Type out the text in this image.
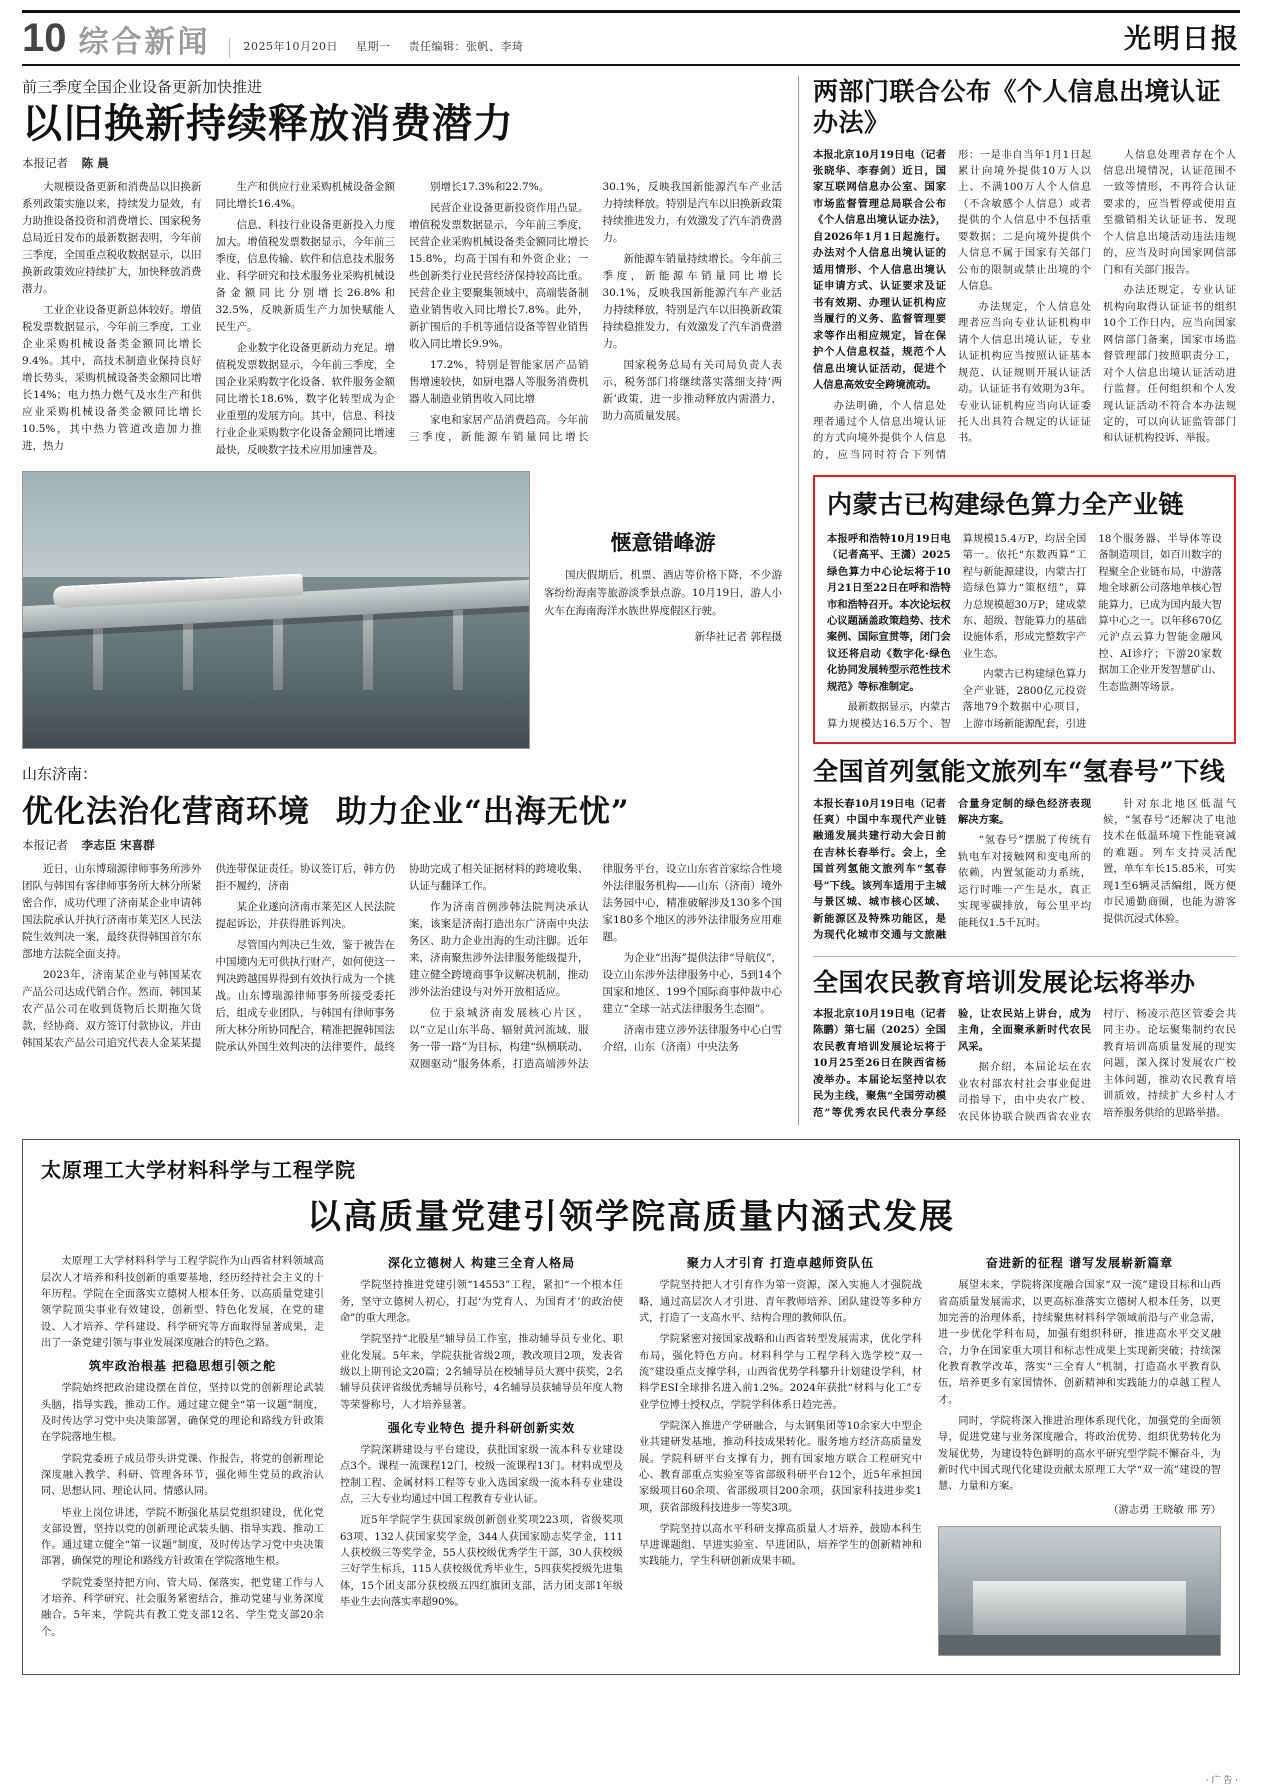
10 综合新闻	2025年10月20日 星期一 责任编辑：张帆、李琦	光明日报
前三季度全国企业设备更新加快推进
以旧换新持续释放消费潜力
本报记者 陈 晨

大规模设备更新和消费品以旧换新系列政策实施以来，持续发力显效，有力助推设备投资和消费增长、国家税务总局近日发布的最新数据表明，今年前三季度，全国重点税收数据显示，以旧换新政策效应持续扩大，加快释放消费潜力。

工业企业设备更新总体较好。增值税发票数据显示，今年前三季度，工业企业采购机械设备类金额同比增长9.4%。其中，高技术制造业保持良好增长势头，采购机械设备类金额同比增长14%；电力热力燃气及水生产和供应业采购机械设备类金额同比增长10.5%，其中热力管道改造加力推进，热力

生产和供应行业采购机械设备金额同比增长16.4%。

信息、科技行业设备更新投入力度加大。增值税发票数据显示，今年前三季度，信息传输、软件和信息技术服务业、科学研究和技术服务业采购机械设备金额同比分别增长26.8%和32.5%，反映新质生产力加快赋能人民生产。

企业数字化设备更新动力充足。增值税发票数据显示，今年前三季度，全国企业采购数字化设备、软件服务金额同比增长18.6%，数字化转型成为企业重塑的发展方向。其中，信息、科技行业企业采购数字化设备金额同比增速最快，反映数字技术应用加速普及。

别增长17.3%和22.7%。

民营企业设备更新投资作用凸显。增值税发票数据显示，今年前三季度，民营企业采购机械设备类金额同比增长15.8%，均高于国有和外资企业；一些创新类行业民营经济保持较高比重。民营企业主要聚集领域中，高端装备制造业销售收入同比增长7.8%。此外，新扩围后的手机等通信设备等智业销售收入同比增长9.9%。

17.2%，特别是智能家居产品销售增速较快，如厨电器人等服务消费机器人制造业销售收入同比增

家电和家居产品消费趋高。今年前三季度，新能源车销量同比增长30.1%，反映我国新能源汽车产业活力持续释放。特别是汽车以旧换新政策持续推进发力，有效激发了汽车消费潜力。

新能源车销量持续增长。今年前三季度，新能源车销量同比增长30.1%，反映我国新能源汽车产业活力持续释放，特别是汽车以旧换新政策持续稳推发力，有效激发了汽车消费潜力。

国家税务总局有关司局负责人表示，税务部门将继续落实落细支持‘两新’政策，进一步推动释放内需潜力，助力高质量发展。

惬意错峰游
国庆假期后，机票、酒店等价格下降，不少游客纷纷海南等旅游淡季景点游。10月19日，游人小火车在海南海洋水族世界度假区行驶。
新华社记者 郭程摄
山东济南：
优化法治化营商环境 助力企业“出海无忧”
本报记者 李志臣 宋喜群

近日，山东博瑞源律师事务所涉外团队与韩国有客律师事务所大林分所紧密合作，成功代理了济南某企业申请韩国法院承认并执行济南市莱芜区人民法院生效判决一案，最终获得韩国首尔东部地方法院全面支持。

2023年，济南某企业与韩国某农产品公司达成代销合作。然而，韩国某农产品公司在收到货物后长期拖欠货款，经协商、双方签订付款协议，并由韩国某农产品公司追究代表人金某某提供连带保证责任。协议签订后，韩方仍拒不履约，济南

某企业遂向济南市莱芜区人民法院提起诉讼，并获得胜诉判决。

尽管国内判决已生效，鉴于被告在中国境内无可供执行财产，如何使这一判决跨越国界得到有效执行成为一个挑战。山东博瑞源律师事务所接受委托后，组成专业团队，与韩国有律师事务所大林分所协同配合，精准把握韩国法院承认外国生效判决的法律要件，最终协助完成了相关证据材料的跨境收集、认证与翻译工作。

作为济南首例涉韩法院判决承认案，该案是济南打造出东广济南中央法务区、助力企业出海的生动注脚。近年来，济南聚焦涉外法律服务能级提升，建立健全跨境商事争议解决机制，推动涉外法治建设与对外开放相适应。

位于泉城济南发展核心片区，以“立足山东半岛、辐射黄河流域、服务一带一路”为目标，构建“纵横联动、双圈驱动”服务体系，打造高端涉外法律服务平台，设立山东省首家综合性境外法律服务机构——山东（济南）境外法务园中心，精准破解涉及130多个国家180多个地区的涉外法律服务应用难题。

为企业“出海”提供法律“导航仪”，设立山东涉外法律服务中心，5到14个国家和地区、199个国际商事仲裁中心建立“全球一站式法律服务生态圈”。

济南市建立涉外法律服务中心白雪介绍，山东（济南）中央法务

两部门联合公布《个人信息出境认证办法》

本报北京10月19日电（记者张晓华、李春剑）近日，国家互联网信息办公室、国家市场监督管理总局联合公布《个人信息出境认证办法》，自2026年1月1日起施行。办法对个人信息出境认证的适用情形、个人信息出境认证申请方式、认证要求及证书有效期、办理认证机构应当履行的义务、监督管理要求等作出相应规定，旨在保护个人信息权益，规范个人信息出境认证活动，促进个人信息高效安全跨境流动。

办法明确，个人信息处理者通过个人信息出境认证的方式向境外提供个人信息的，应当同时符合下列情形：一是非自当年1月1日起累计向境外提供10万人以上、不满100万人个人信息（不含敏感个人信息）或者提供的个人信息中不包括重要数据；二是向境外提供个人信息不属于国家有关部门公布的限制或禁止出境的个人信息。

办法规定，个人信息处理者应当向专业认证机构申请个人信息出境认证，专业认证机构应当按照认证基本规范、认证规则开展认证活动。认证证书有效期为3年。专业认证机构应当向认证委托人出具符合规定的认证证书。

人信息处理者存在个人信息出境情况，认证范围不一致等情形，不再符合认证要求的，应当暂停或使用直至撤销相关认证证书、发现个人信息出境活动违法违规的，应当及时向国家网信部门和有关部门报告。

办法还规定，专业认证机构向取得认证证书的组织10个工作日内，应当向国家网信部门备案，国家市场监督管理部门按照职责分工，对个人信息出境认证活动进行监督。任何组织和个人发现认证活动不符合本办法规定的，可以向认证监管部门和认证机构投诉、举报。

内蒙古已构建绿色算力全产业链

本报呼和浩特10月19日电（记者高平、王潇）2025绿色算力中心论坛将于10月21日至22日在呼和浩特市和浩特召开。本次论坛权心议题涵盖政策趋势、技术案例、国际宣贯等，闭门会议还将启动《数字化·绿色化协同发展转型示范性技术规范》等标准制定。

最新数据显示，内蒙古算力规模达16.5万个、智算规模15.4万P，均居全国第一。依托“东数西算”工程与新能源建设，内蒙古打造绿色算力“策枢纽”，算力总规模超30万P，建成蒙东、超级、智能算力的基础设施体系，形成完整数字产业生态。

内蒙古已构建绿色算力全产业链，2800亿元投资落地79个数据中心项目，上游市场新能源配套，引进18个服务器、半导体等设备制造项目，如百川数字的程聚全企业链布局，中游落地全球新公司落地单核心智能算力，已成为国内最大智算中心之一。以年移670亿元沪点云算力智能金融风控、AI诊疗；下游20家数据加工企业开发智慧矿山、生态监测等场景。

全国首列氢能文旅列车“氢春号”下线

本报长春10月19日电（记者任爽）中国中车现代产业链融通发展共建行动大会日前在吉林长春举行。会上，全国首列氢能文旅列车“氢春号”下线。该列车适用于主城与景区城、城市核心区域、新能源区及特殊功能区，是为现代化城市交通与文旅融合量身定制的绿色经济表现解决方案。

“氢春号”摆脱了传统有轨电车对接触网和变电所的依赖，内置氢能动力系统，运行时唯一产生是水，真正实现零碳排放，每公里平均能耗仅1.5千瓦时。

针对东北地区低温气候，“氢春号”还解决了电池技术在低温环境下性能衰减的难题。列车支持灵活配置，单车车长15.85米，可实现1至6辆灵活编组，既方便市民通勤商圈，也能为游客提供沉浸式体验。

全国农民教育培训发展论坛将举办

本报北京10月19日电（记者陈鹏）第七届（2025）全国农民教育培训发展论坛将于10月25至26日在陕西省杨凌举办。本届论坛坚持以农民为主线，聚焦“全国劳动模范”等优秀农民代表分享经验，让农民站上讲台，成为主角，全面聚承新时代农民风采。

据介绍，本届论坛在农业农村部农村社会事业促进司指导下，由中央农广校、农民体协联合陕西省农业农村厅、杨凌示范区管委会共同主办。论坛聚集制约农民教育培训高质量发展的现实问题，深入探讨发展农广校主体问题，推动农民教育培训质效，持续扩大乡村人才培养服务供给的思路举措。

太原理工大学材料科学与工程学院
以高质量党建引领学院高质量内涵式发展

太原理工大学材料科学与工程学院作为山西省材料领域高层次人才培养和科技创新的重要基地，经历经持社会主义的十年历程。学院在全面落实立德树人根本任务、以高质量党建引领学院顶尖事业有效建设，创新型、特色化发展，在党的建设、人才培养、学科建设、科学研究等方面取得显著成果，走出了一条党建引领与事业发展深度融合的特色之路。

筑牢政治根基 把稳思想引领之舵

学院始终把政治建设摆在首位，坚持以党的创新理论武装头脑，指导实践，推动工作。通过建立健全“第一议题”制度，及时传达学习党中央决策部署，确保党的理论和路线方针政策在学院落地生根。

学院党委班子成员带头讲党课、作报告，将党的创新理论深度融入教学、科研、管理各环节，强化师生党员的政治认同、思想认同、理论认同、情感认同。

毕业上岗位讲述，学院不断强化基层党组织建设，优化党支部设置，坚持以党的创新理论武装头脑、指导实践、推动工作。通过建立健全“第一议题”制度，及时传达学习党中央决策部署，确保党的理论和路线方针政策在学院落地生根。

学院党委坚持把方向、管大局、保落实，把党建工作与人才培养、科学研究、社会服务紧密结合，推动党建与业务深度融合。5年来，学院共有教工党支部12名、学生党支部20余个。

深化立德树人 构建三全育人格局

学院坚持推进党建引领“14553”工程，紧扣“一个根本任务，坚守立德树人初心，打起‘为党育人、为国育才’的政治使命”的重大理念。

学院坚持“北股星”辅导员工作室，推动辅导员专业化、职业化发展。5年来，学院获批省级2项，教改项目2项，发表省级以上期刊论文20篇；2名辅导员在校辅导员大赛中获奖，2名辅导员获评省级优秀辅导员称号，4名辅导员获辅导员年度人物等荣誉称号，人才培养显著。

强化专业特色 提升科研创新实效

学院深耕建设与平台建设，获批国家级一流本科专业建设点3个。课程一流课程12门，校级一流课程13门。材料成型及控制工程、金属材料工程等专业入选国家级一流本科专业建设点，三大专业均通过中国工程教育专业认证。

近5年学院学生获国家级创新创业奖项223项，省级奖项63项、132人获国家奖学金，344人获国家励志奖学金，111人获校级三等奖学金，55人获校级优秀学生干部，30人获校级三好学生标兵，115人获校级优秀毕业生，5四获奖授级先进集体，15个团支部分获校级五四红旗团支部，活力团支部1年级毕业生去向落实率超90%。

聚力人才引育 打造卓越师资队伍

学院坚持把人才引育作为第一资源，深入实施人才强院战略，通过高层次人才引进、青年教师培养、团队建设等多种方式，打造了一支高水平、结构合理的教师队伍。

学院紧密对接国家战略和山西省转型发展需求，优化学科布局，强化特色方向。材料科学与工程学科入选学校“双一流”建设重点支撑学科，山西省优势学科攀升计划建设学科，材料学ESI全球排名进入前1.2%。2024年获批“材料与化工”专业学位博士授权点，学院学科体系日趋完善。

学院深入推进产学研融合，与太钢集团等10余家大中型企业共建研发基地，推动科技成果转化。服务地方经济高质量发展。学院科研平台支撑有力，拥有国家地方联合工程研究中心、教育部重点实验室等省部级科研平台12个，近5年承担国家级项目60余项、省部级项目200余项，获国家科技进步奖1项，获省部级科技进步一等奖3项。

学院坚持以高水平科研支撑高质量人才培养，鼓励本科生早进课题组、早进实验室、早进团队，培养学生的创新精神和实践能力，学生科研创新成果丰硕。

奋进新的征程 谱写发展崭新篇章

展望未来，学院将深度融合国家“双一流”建设目标和山西省高质量发展需求，以更高标准落实立德树人根本任务，以更加完善的治理体系，持续聚焦材料科学领域前沿与产业急需，进一步优化学科布局，加强有组织科研，推进高水平交叉融合，力争在国家重大项目和标志性成果上实现新突破；持续深化教育教学改革，落实“三全育人”机制，打造高水平教育队伍，培养更多有家国情怀、创新精神和实践能力的卓越工程人才。

同时，学院将深入推进治理体系现代化，加强党的全面领导，促进党建与业务深度融合，将政治优势、组织优势转化为发展优势，为建设特色鲜明的高水平研究型学院不懈奋斗，为新时代中国式现代化建设贡献太原理工大学“双一流”建设的智慧、力量和方案。

（游志勇 王晓敏 邢 芳）
· 广 告 ·
